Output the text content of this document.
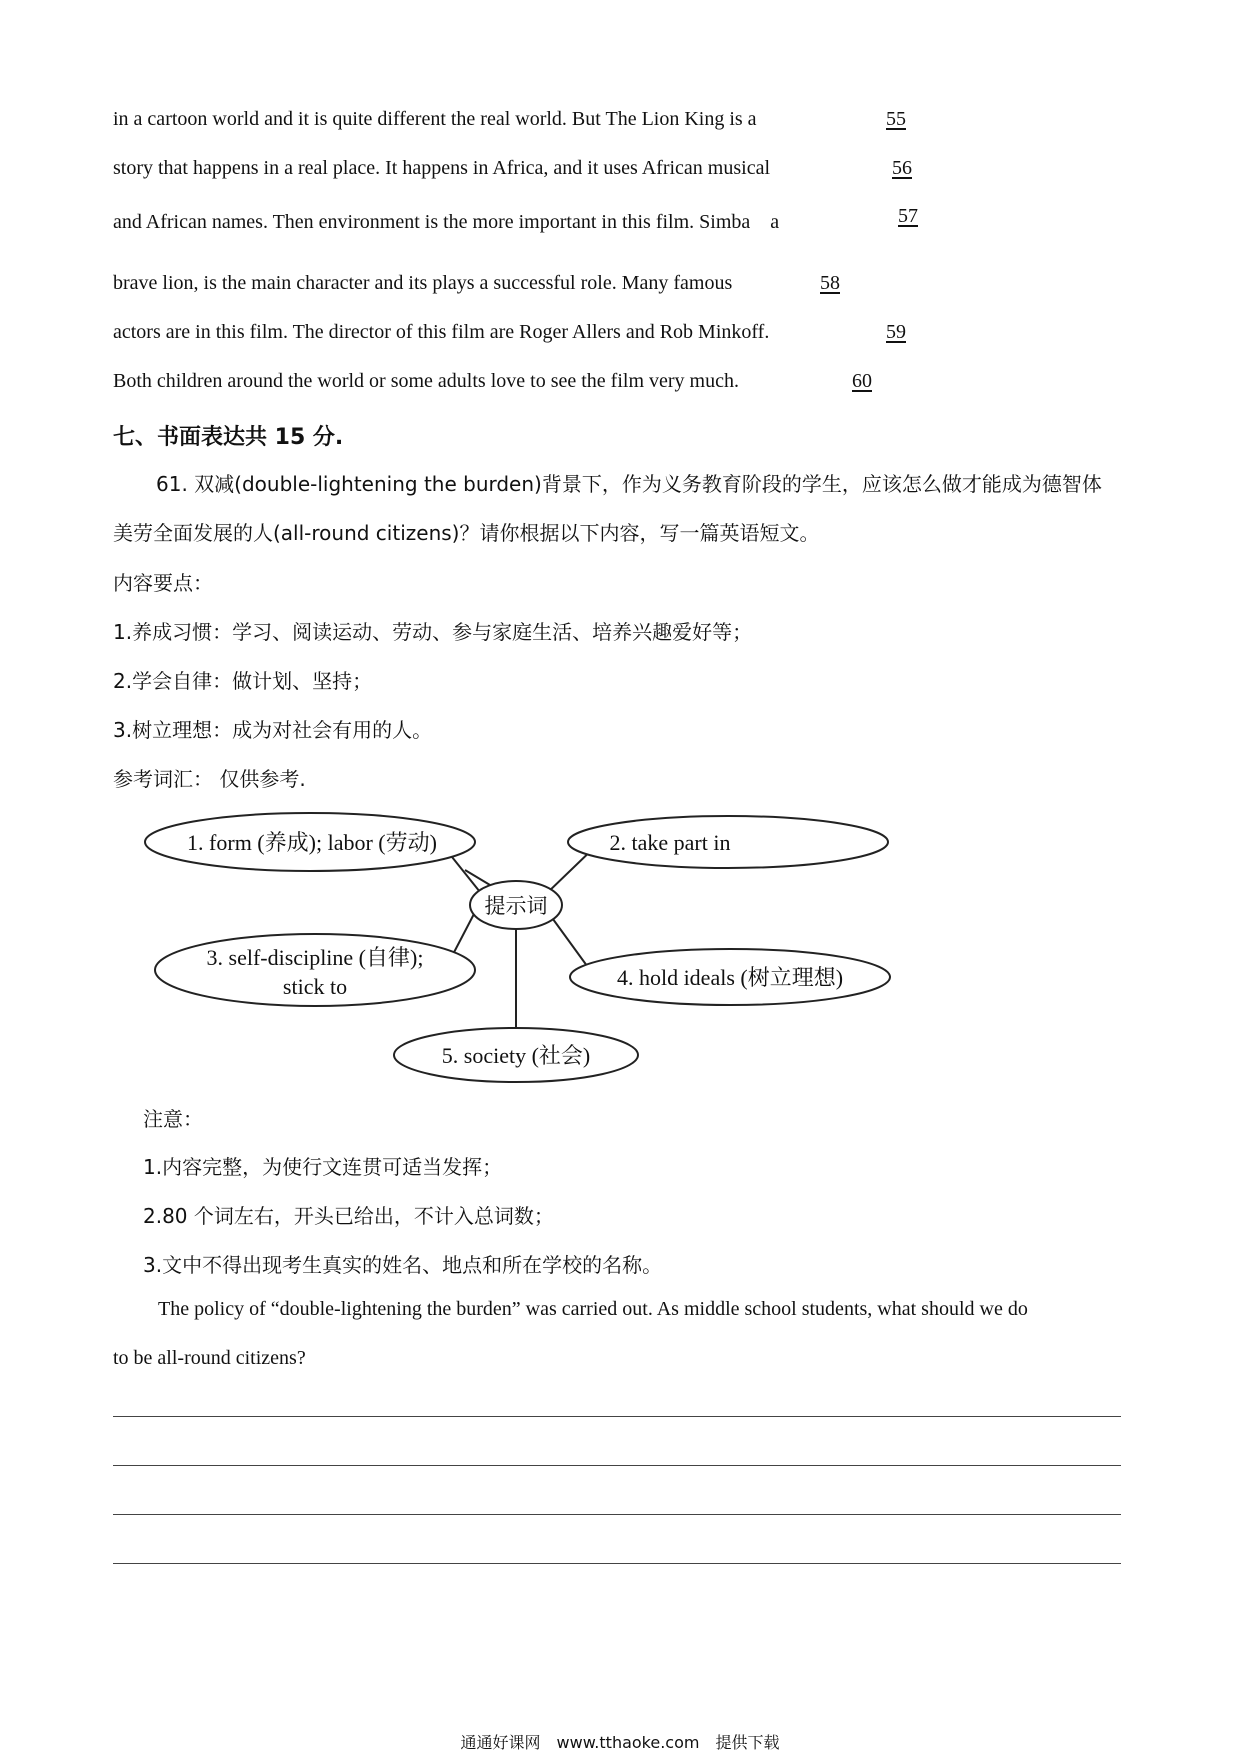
in a cartoon world and it is quite different the real world. But The Lion King is a	55
story that happens in a real place. It happens in Africa, and it uses African musical	56
and African names. Then environment is the more important in this film. Simba　a	57
brave lion, is the main character and its plays a successful role. Many famous	58
actors are in this film. The director of this film are Roger Allers and Rob Minkoff.	59
Both children around the world or some adults love to see the film very much.	60
七、书面表达共 15 分.
61. 双减(double-lightening the burden)背景下，作为义务教育阶段的学生，应该怎么做才能成为德智体
美劳全面发展的人(all-round citizens)？请你根据以下内容，写一篇英语短文。
内容要点：
1.养成习惯：学习、阅读运动、劳动、参与家庭生活、培养兴趣爱好等；
2.学会自律：做计划、坚持；
3.树立理想：成为对社会有用的人。
参考词汇： 仅供参考.
提示词
1. form (养成); labor (劳动)	2. take part in
3. self-discipline (自律);
stick to	4. hold ideals (树立理想)
5. society (社会)
注意：
1.内容完整，为使行文连贯可适当发挥；
2.80 个词左右，开头已给出，不计入总词数；
3.文中不得出现考生真实的姓名、地点和所在学校的名称。
The policy of “double-lightening the burden” was carried out. As middle school students, what should we do
to be all-round citizens?
通通好课网　www.tthaoke.com　提供下载
